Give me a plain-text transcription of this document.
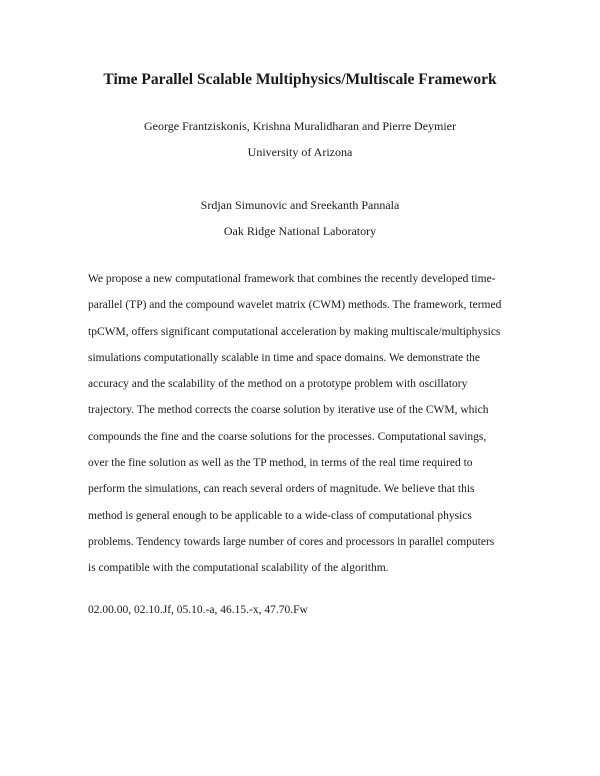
Time Parallel Scalable Multiphysics/Multiscale Framework
George Frantziskonis, Krishna Muralidharan and Pierre Deymier
University of Arizona
Srdjan Simunovic and Sreekanth Pannala
Oak Ridge National Laboratory
We propose a new computational framework that combines the recently developed time-
parallel (TP) and the compound wavelet matrix (CWM) methods. The framework, termed
tpCWM, offers significant computational acceleration by making multiscale/multiphysics
simulations computationally scalable in time and space domains. We demonstrate the
accuracy and the scalability of the method on a prototype problem with oscillatory
trajectory. The method corrects the coarse solution by iterative use of the CWM, which
compounds the fine and the coarse solutions for the processes. Computational savings,
over the fine solution as well as the TP method, in terms of the real time required to
perform the simulations, can reach several orders of magnitude. We believe that this
method is general enough to be applicable to a wide-class of computational physics
problems. Tendency towards large number of cores and processors in parallel computers
is compatible with the computational scalability of the algorithm.
02.00.00, 02.10.Jf, 05.10.-a, 46.15.-x, 47.70.Fw
